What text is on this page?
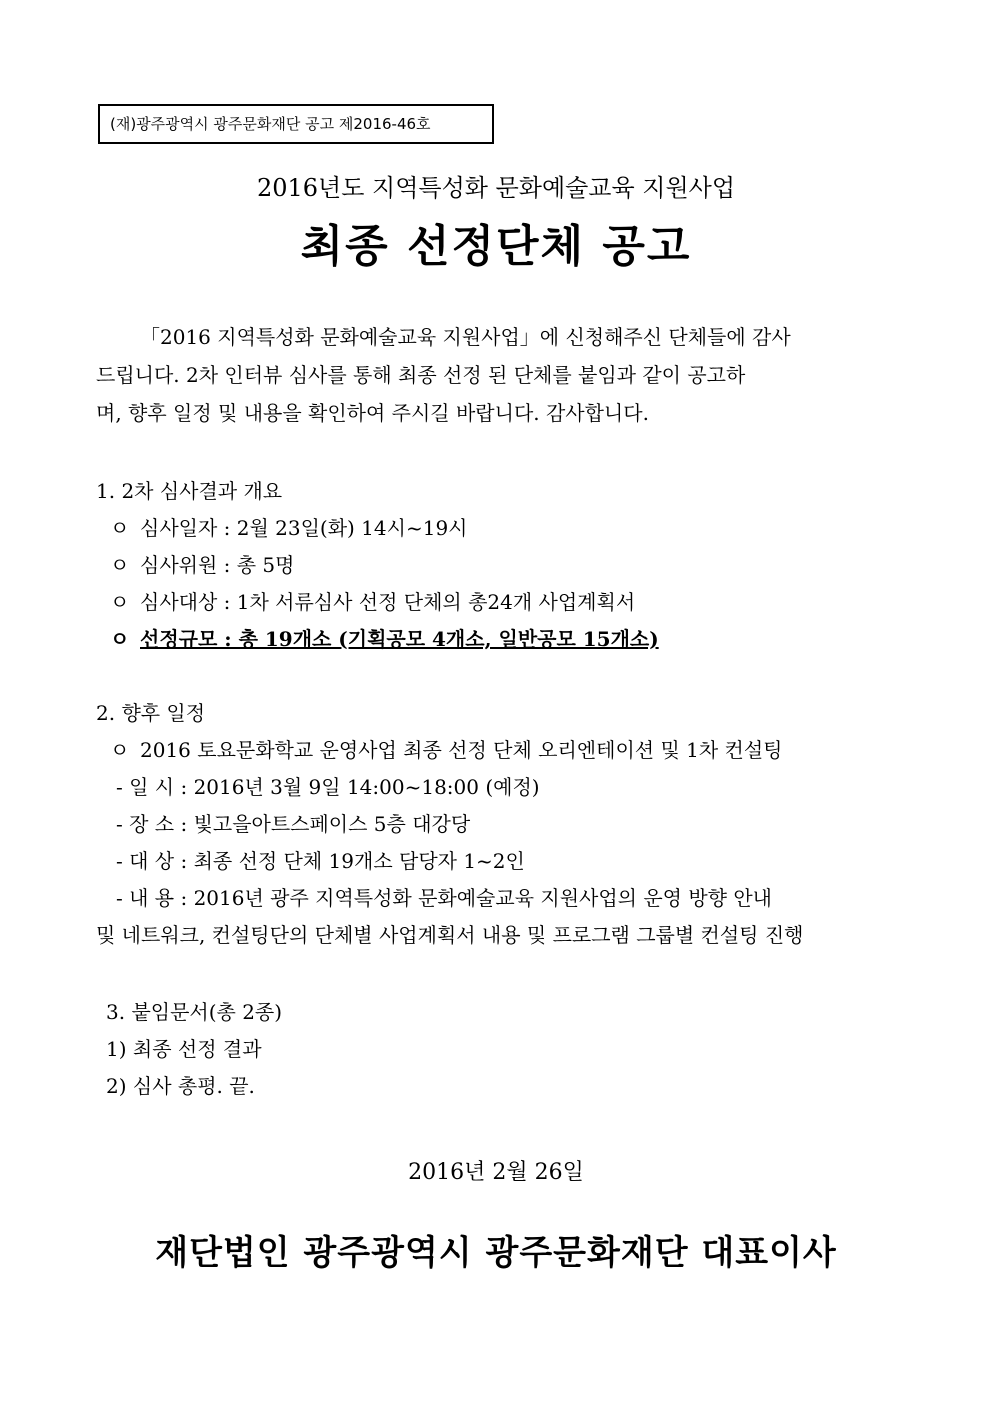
(재)광주광역시 광주문화재단 공고 제2016-46호
2016년도 지역특성화 문화예술교육 지원사업
최종 선정단체 공고

「2016 지역특성화 문화예술교육 지원사업」에 신청해주신 단체들에 감사

드립니다. 2차 인터뷰 심사를 통해 최종 선정 된 단체를 붙임과 같이 공고하

며, 향후 일정 및 내용을 확인하여 주시길 바랍니다. 감사합니다.

1. 2차 심사결과 개요
ㅇ 심사일자 : 2월 23일(화) 14시~19시
ㅇ 심사위원 : 총 5명
ㅇ 심사대상 : 1차 서류심사 선정 단체의 총24개 사업계획서
ㅇ 선정규모 : 총 19개소 (기획공모 4개소, 일반공모 15개소)
2. 향후 일정
ㅇ 2016 토요문화학교 운영사업 최종 선정 단체 오리엔테이션 및 1차 컨설팅
- 일 시 : 2016년 3월 9일 14:00~18:00 (예정)
- 장 소 : 빛고을아트스페이스 5층 대강당
- 대 상 : 최종 선정 단체 19개소 담당자 1~2인
- 내 용 : 2016년 광주 지역특성화 문화예술교육 지원사업의 운영 방향 안내
및 네트워크, 컨설팅단의 단체별 사업계획서 내용 및 프로그램 그룹별 컨설팅 진행
3. 붙임문서(총 2종)
1) 최종 선정 결과
2) 심사 총평. 끝.
2016년 2월 26일
재단법인 광주광역시 광주문화재단 대표이사
